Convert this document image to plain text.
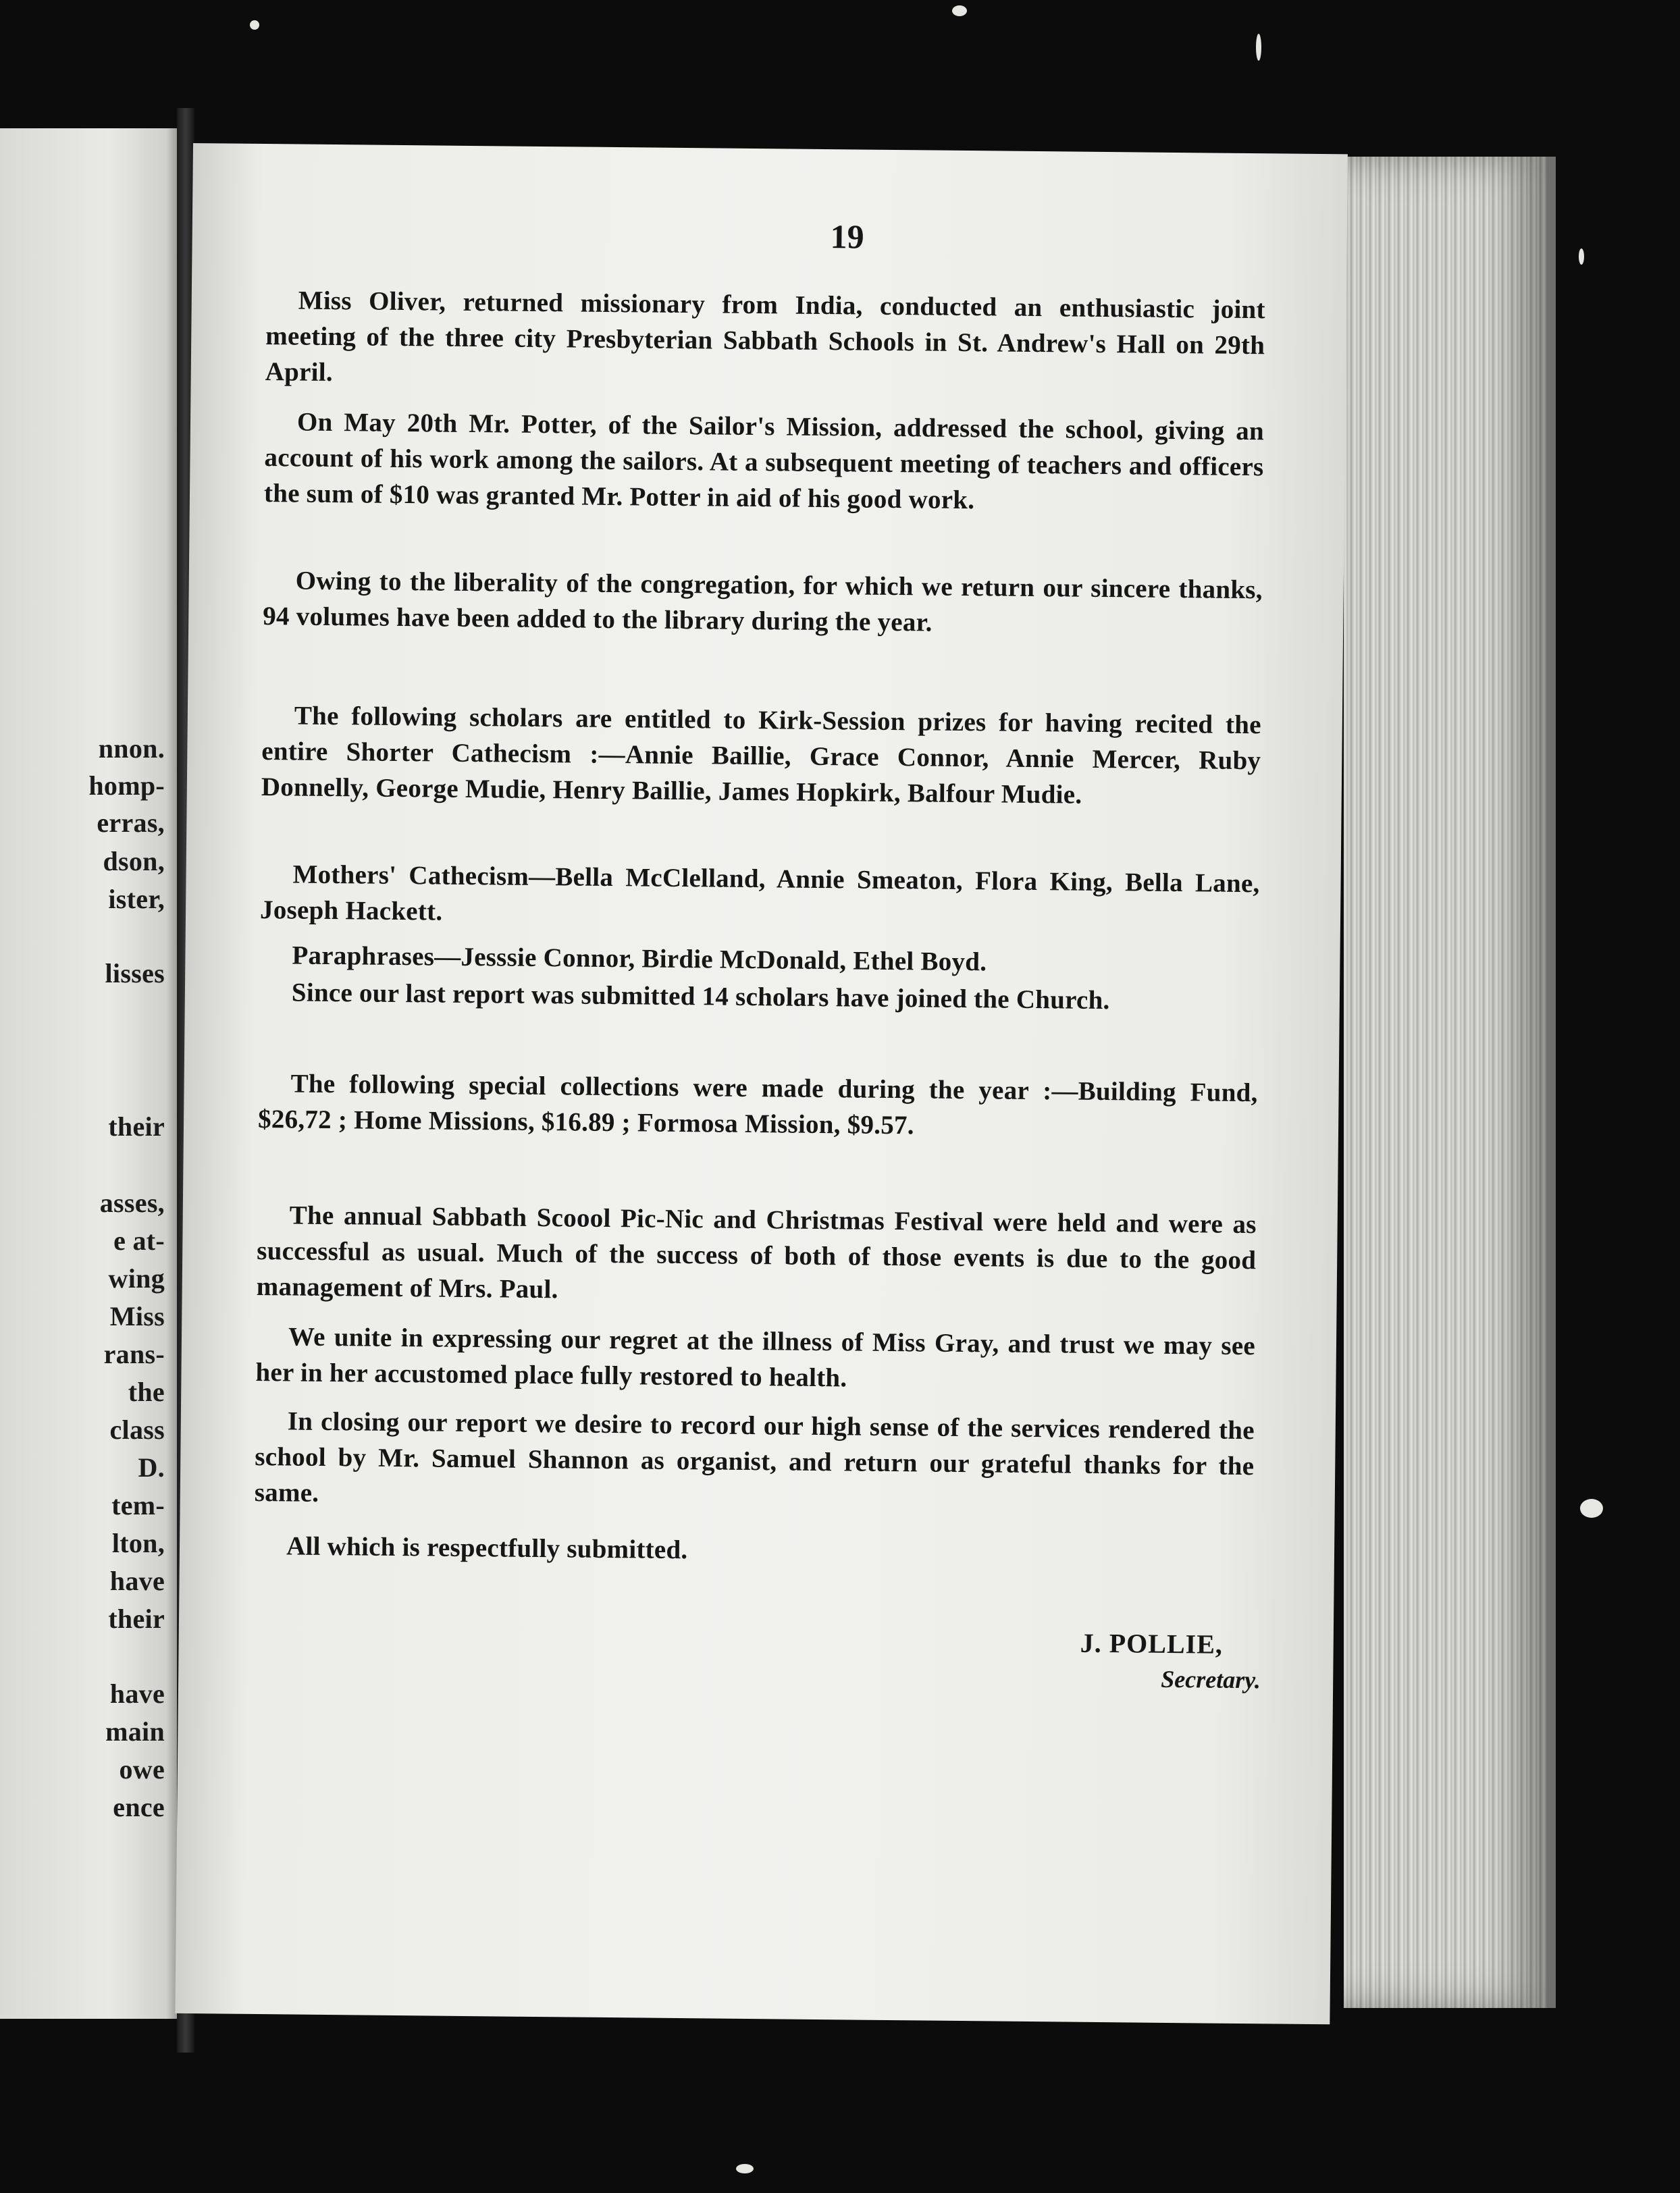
nnon.

homp-

erras,

dson,

ister,

lisses

their

asses,

e at-

wing

Miss

rans-

the

class

D.

tem-

lton,

have

their

have

main

owe

ence

19

Miss Oliver, returned missionary from India, conducted an enthusiastic joint meeting of the three city Presbyterian Sabbath Schools in St. Andrew's Hall on 29th April.

On May 20th Mr. Potter, of the Sailor's Mission, addressed the school, giving an account of his work among the sailors. At a subsequent meeting of teachers and officers the sum of $10 was granted Mr. Potter in aid of his good work.

Owing to the liberality of the congregation, for which we return our sincere thanks, 94 volumes have been added to the library during the year.

The following scholars are entitled to Kirk-Session prizes for having recited the entire Shorter Cathecism :—Annie Baillie, Grace Connor, Annie Mercer, Ruby Donnelly, George Mudie, Henry Baillie, James Hopkirk, Balfour Mudie.

Mothers' Cathecism—Bella McClelland, Annie Smeaton, Flora King, Bella Lane, Joseph Hackett.

Paraphrases—Jesssie Connor, Birdie McDonald, Ethel Boyd.

Since our last report was submitted 14 scholars have joined the Church.

The following special collections were made during the year :—Building Fund, $26,72 ; Home Missions, $16.89 ; Formosa Mission, $9.57.

The annual Sabbath Scoool Pic-Nic and Christmas Festival were held and were as successful as usual. Much of the success of both of those events is due to the good management of Mrs. Paul.

We unite in expressing our regret at the illness of Miss Gray, and trust we may see her in her accustomed place fully restored to health.

In closing our report we desire to record our high sense of the services rendered the school by Mr. Samuel Shannon as organist, and return our grateful thanks for the same.

All which is respectfully submitted.

J. POLLIE,

Secretary.
